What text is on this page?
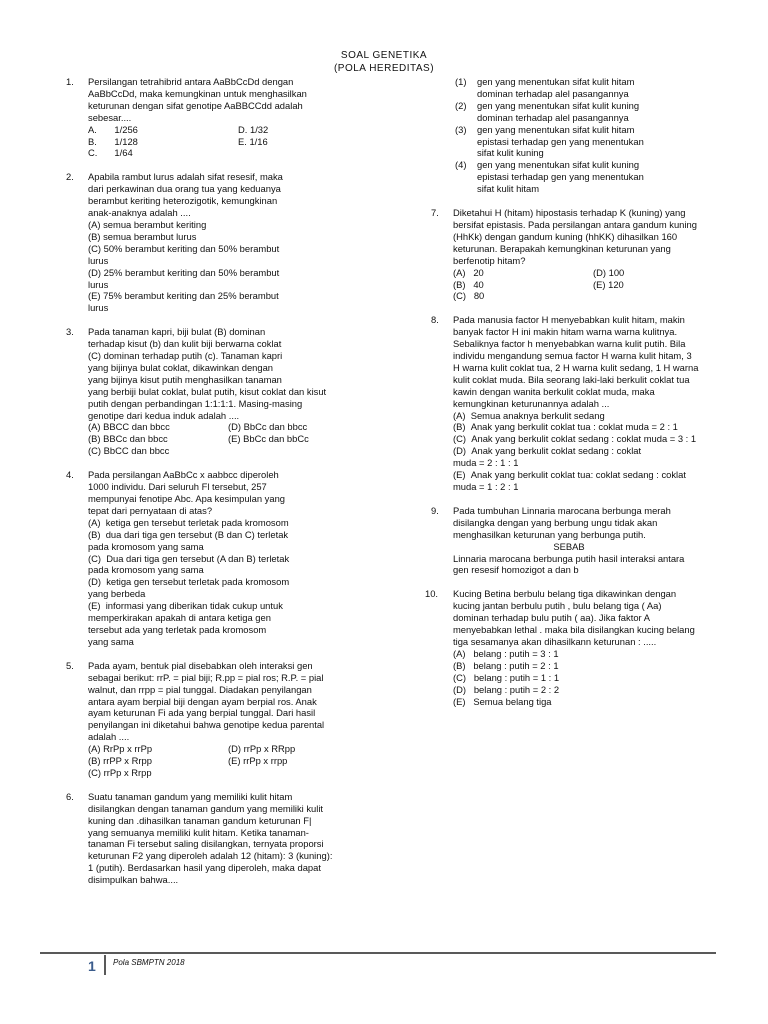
SOAL GENETIKA
(POLA HEREDITAS)
1. Persilangan tetrahibrid antara AaBbCcDd dengan
AaBbCcDd, maka kemungkinan untuk menghasilkan
keturunan dengan sifat genotipe AaBBCCdd adalah
sebesar....
A. 1/256	D. 1/32
B. 1/128	E. 1/16
C. 1/64
2. Apabila rambut lurus adalah sifat resesif, maka
dari perkawinan dua orang tua yang keduanya
berambut keriting heterozigotik, kemungkinan
anak-anaknya adalah ....
(A) semua berambut keriting
(B) semua berambut lurus
(C) 50% berambut keriting dan 50% berambut
lurus
(D) 25% berambut keriting dan 50% berambut
lurus
(E) 75% berambut keriting dan 25% berambut
lurus
3. Pada tanaman kapri, biji bulat (B) dominan
terhadap kisut (b) dan kulit biji berwarna coklat
(C) dominan terhadap putih (c). Tanaman kapri
yang bijinya bulat coklat, dikawinkan dengan
yang bijinya kisut putih menghasilkan tanaman
yang berbiji bulat coklat, bulat putih, kisut coklat dan kisut
putih dengan perbandingan 1:1:1:1. Masing-masing
genotipe dari kedua induk adalah ....
(A) BBCC dan bbcc	(D) BbCc dan bbcc
(B) BBCc dan bbcc	(E) BbCc dan bbCc
(C) BbCC dan bbcc
4. Pada persilangan AaBbCc x aabbcc diperoleh
1000 individu. Dari seluruh Fl tersebut, 257
mempunyai fenotipe Abc. Apa kesimpulan yang
tepat dari pernyataan di atas?
(A) ketiga gen tersebut terletak pada kromosom
(B) dua dari tiga gen tersebut (B dan C) terletak
pada kromosom yang sama
(C) Dua dari tiga gen tersebut (A dan B) terletak
pada kromosom yang sama
(D) ketiga gen tersebut terletak pada kromosom
yang berbeda
(E) informasi yang diberikan tidak cukup untuk
memperkirakan apakah di antara ketiga gen
tersebut ada yang terletak pada kromosom
yang sama
5. Pada ayam, bentuk pial disebabkan oleh interaksi gen
sebagai berikut: rrP. = pial biji; R.pp = pial ros; R.P. = pial
walnut, dan rrpp = pial tunggal. Diadakan penyilangan
antara ayam berpial biji dengan ayam berpial ros. Anak
ayam keturunan Fi ada yang berpial tunggal. Dari hasil
penyilangan ini diketahui bahwa genotipe kedua parental
adalah ....
(A) RrPp x rrPp	(D) rrPp x RRpp
(B) rrPP x Rrpp	(E) rrPp x rrpp
(C) rrPp x Rrpp
6. Suatu tanaman gandum yang memiliki kulit hitam
disilangkan dengan tanaman gandum yang memiliki kulit
kuning dan .dihasilkan tanaman gandum keturunan F|
yang semuanya memiliki kulit hitam. Ketika tanaman-
tanaman Fi tersebut saling disilangkan, ternyata proporsi
keturunan F2 yang diperoleh adalah 12 (hitam): 3 (kuning):
1 (putih). Berdasarkan hasil yang diperoleh, maka dapat
disimpulkan bahwa....
(1) gen yang menentukan sifat kulit hitam
dominan terhadap alel pasangannya
(2) gen yang menentukan sifat kulit kuning
dominan terhadap alel pasangannya
(3) gen yang menentukan sifat kulit hitam
epistasi terhadap gen yang menentukan
sifat kulit kuning
(4) gen yang menentukan sifat kulit kuning
epistasi terhadap gen yang menentukan
sifat kulit hitam
7. Diketahui H (hitam) hipostasis terhadap K (kuning) yang
bersifat epistasis. Pada persilangan antara gandum kuning
(HhKk) dengan gandum kuning (hhKK) dihasilkan 160
keturunan. Berapakah kemungkinan keturunan yang
berfenotip hitam?
(A) 20	(D) 100
(B) 40	(E) 120
(C) 80
8. Pada manusia factor H menyebabkan kulit hitam, makin
banyak factor H ini makin hitam warna warna kulitnya.
Sebaliknya factor h menyebabkan warna kulit putih. Bila
individu mengandung semua factor H warna kulit hitam, 3
H warna kulit coklat tua, 2 H warna kulit sedang, 1 H warna
kulit coklat muda. Bila seorang laki-laki berkulit coklat tua
kawin dengan wanita berkulit coklat muda, maka
kemungkinan keturunannya adalah ...
(A) Semua anaknya berkulit sedang
(B) Anak yang berkulit coklat tua : coklat muda = 2 : 1
(C) Anak yang berkulit coklat sedang : coklat muda = 3 : 1
(D) Anak yang berkulit coklat sedang : coklat
muda = 2 : 1 : 1
(E) Anak yang berkulit coklat tua: coklat sedang : coklat
muda = 1 : 2 : 1
9. Pada tumbuhan Linnaria marocana berbunga merah
disilangka dengan yang berbung ungu tidak akan
menghasilkan keturunan yang berbunga putih.
SEBAB
Linnaria marocana berbunga putih hasil interaksi antara
gen resesif homozigot a dan b
10. Kucing Betina berbulu belang tiga dikawinkan dengan
kucing jantan berbulu putih , bulu belang tiga ( Aa)
dominan terhadap bulu putih ( aa). Jika faktor A
menyebabkan lethal . maka bila disilangkan kucing belang
tiga sesamanya akan dihasilkann keturunan : .....
(A) belang : putih = 3 : 1
(B) belang : putih = 2 : 1
(C) belang : putih = 1 : 1
(D) belang : putih = 2 : 2
(E) Semua belang tiga
1 Pola SBMPTN 2018
